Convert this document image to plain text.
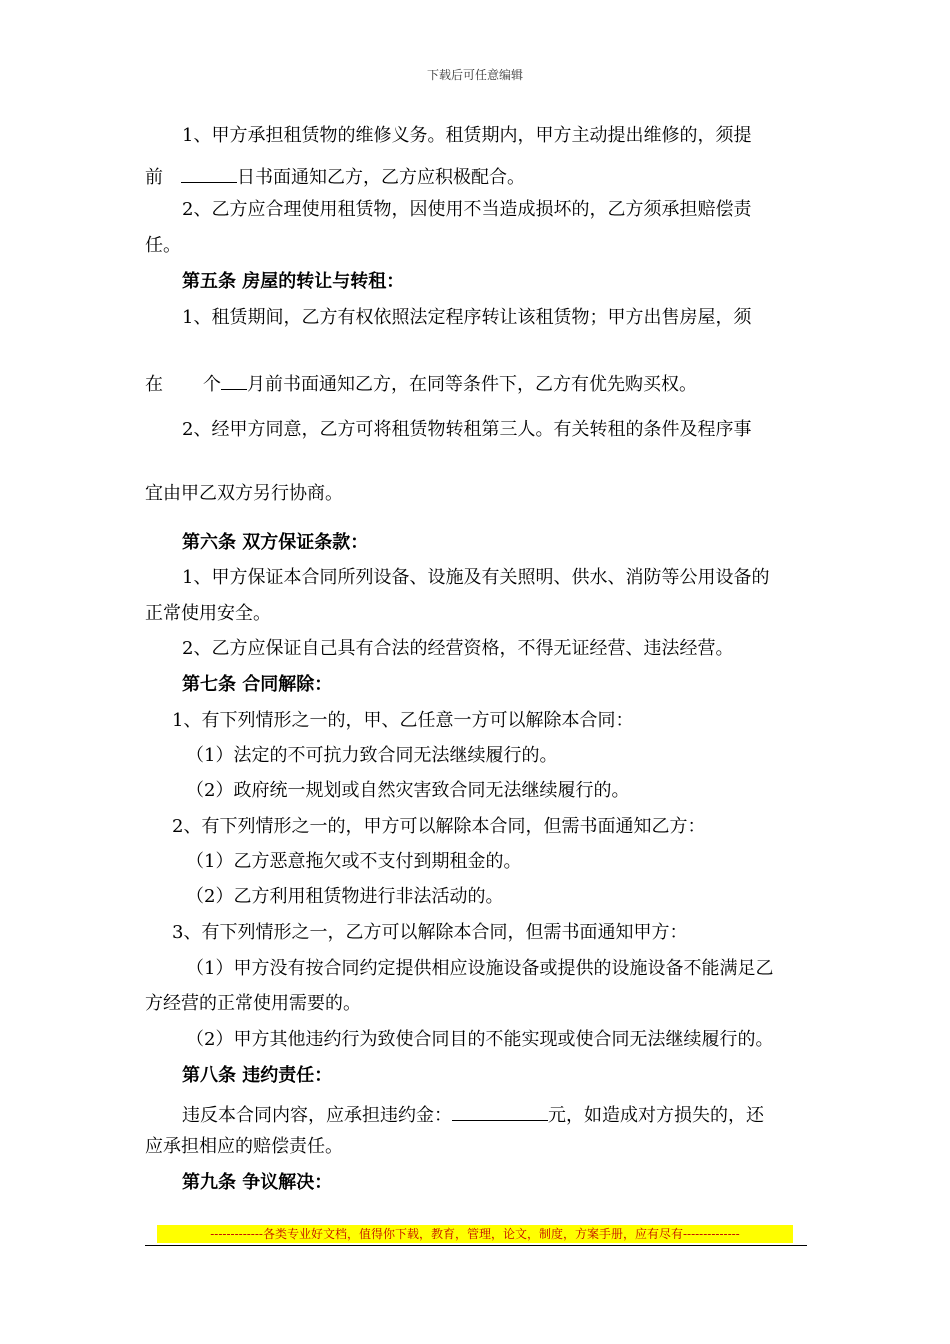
下载后可任意编辑
1、甲方承担租赁物的维修义务。租赁期内，甲方主动提出维修的，须提
前	日书面通知乙方，乙方应积极配合。
2、乙方应合理使用租赁物，因使用不当造成损坏的，乙方须承担赔偿责
任。
第五条 房屋的转让与转租：
1、租赁期间，乙方有权依照法定程序转让该租赁物；甲方出售房屋，须
在 个 月前书面通知乙方，在同等条件下，乙方有优先购买权。
2、经甲方同意，乙方可将租赁物转租第三人。有关转租的条件及程序事
宜由甲乙双方另行协商。
第六条 双方保证条款：
1、甲方保证本合同所列设备、设施及有关照明、供水、消防等公用设备的
正常使用安全。
2、乙方应保证自己具有合法的经营资格，不得无证经营、违法经营。
第七条 合同解除：
1、有下列情形之一的，甲、乙任意一方可以解除本合同：
（1）法定的不可抗力致合同无法继续履行的。
（2）政府统一规划或自然灾害致合同无法继续履行的。
2、有下列情形之一的，甲方可以解除本合同，但需书面通知乙方：
（1）乙方恶意拖欠或不支付到期租金的。
（2）乙方利用租赁物进行非法活动的。
3、有下列情形之一，乙方可以解除本合同，但需书面通知甲方：
（1）甲方没有按合同约定提供相应设施设备或提供的设施设备不能满足乙
方经营的正常使用需要的。
（2）甲方其他违约行为致使合同目的不能实现或使合同无法继续履行的。
第八条 违约责任：
违反本合同内容，应承担违约金：	元，如造成对方损失的，还
应承担相应的赔偿责任。
第九条 争议解决：
-------------各类专业好文档，值得你下载，教育，管理，论文，制度，方案手册，应有尽有--------------
